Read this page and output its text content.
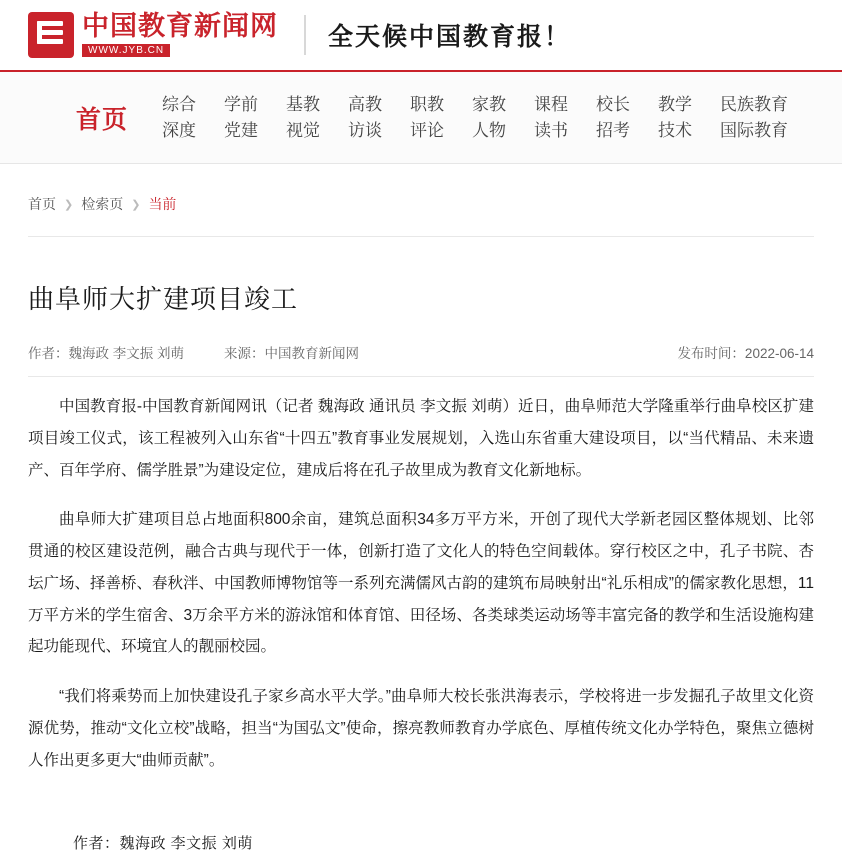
中国教育新闻网
WWW.JYB.CN	全天候中国教育报！
首页
综合
深度
学前
党建
基教
视觉
高教
访谈
职教
评论
家教
人物
课程
读书
校长
招考
教学
技术
民族教育
国际教育
首页 ❯ 检索页 ❯ 当前
曲阜师大扩建项目竣工
作者：魏海政 李文振 刘萌	来源：中国教育新闻网	发布时间：2022-06-14

中国教育报-中国教育新闻网讯（记者 魏海政 通讯员 李文振 刘萌）近日，曲阜师范大学隆重举行曲阜校区扩建项目竣工仪式，该工程被列入山东省“十四五”教育事业发展规划，入选山东省重大建设项目，以“当代精品、未来遗产、百年学府、儒学胜景”为建设定位，建成后将在孔子故里成为教育文化新地标。

曲阜师大扩建项目总占地面积800余亩，建筑总面积34多万平方米，开创了现代大学新老园区整体规划、比邻贯通的校区建设范例，融合古典与现代于一体，创新打造了文化人的特色空间载体。穿行校区之中，孔子书院、杏坛广场、择善桥、春秋泮、中国教师博物馆等一系列充满儒风古韵的建筑布局映射出“礼乐相成”的儒家教化思想，11万平方米的学生宿舍、3万余平方米的游泳馆和体育馆、田径场、各类球类运动场等丰富完备的教学和生活设施构建起功能现代、环境宜人的靓丽校园。

“我们将乘势而上加快建设孔子家乡高水平大学。”曲阜师大校长张洪海表示，学校将进一步发掘孔子故里文化资源优势，推动“文化立校”战略，担当“为国弘文”使命，擦亮教师教育办学底色、厚植传统文化办学特色，聚焦立德树人作出更多更大“曲师贡献”。

作者：魏海政 李文振 刘萌
